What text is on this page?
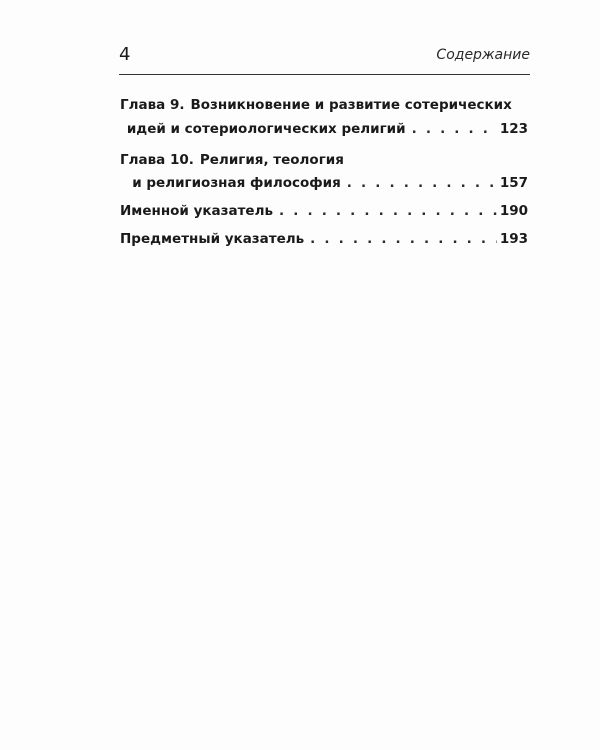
4	Содержание
Глава 9. Возникновение и развитие сотерических
идей и сотериологических религий . . .	123
Глава 10. Религия, теология
и религиозная философия . . .	157
Именной указатель . . .	190
Предметный указатель . . .	193
